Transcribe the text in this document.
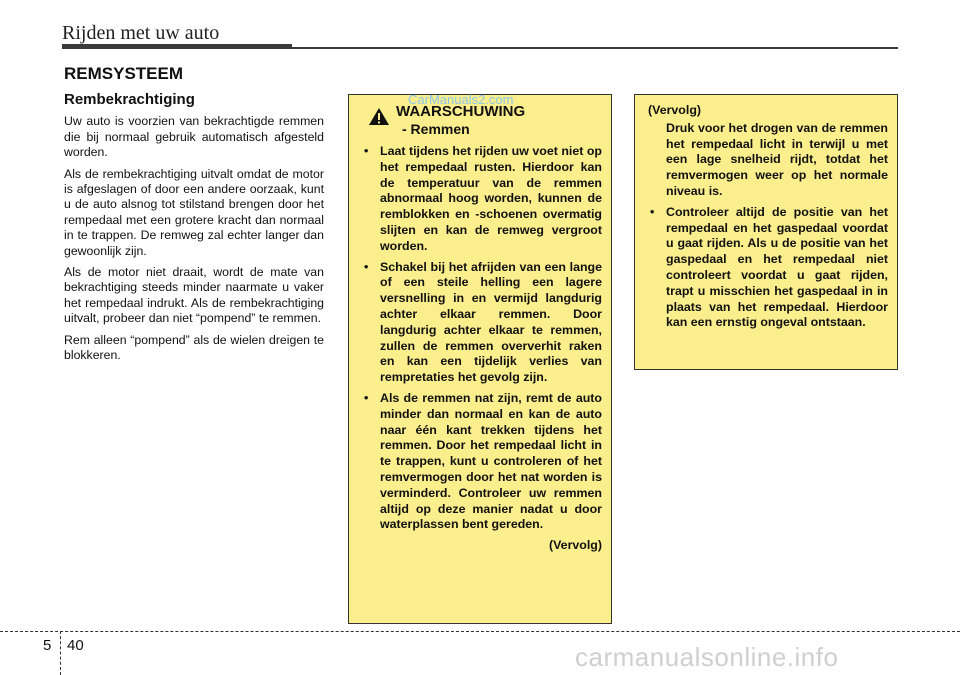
Rijden met uw auto
REMSYSTEEM
Rembekrachtiging

Uw auto is voorzien van bekrachtigde remmen die bij normaal gebruik automatisch afgesteld worden.

Als de rembekrachtiging uitvalt omdat de motor is afgeslagen of door een andere oorzaak, kunt u de auto alsnog tot stilstand brengen door het rempedaal met een grotere kracht dan normaal in te trappen. De remweg zal echter langer dan gewoonlijk zijn.

Als de motor niet draait, wordt de mate van bekrachtiging steeds minder naarmate u vaker het rempedaal indrukt. Als de rembekrachtiging uitvalt, probeer dan niet “pompend” te remmen.

Rem alleen “pompend” als de wielen dreigen te blokkeren.

WAARSCHUWING
- Remmen
• Laat tijdens het rijden uw voet niet op het rempedaal rusten. Hierdoor kan de temperatuur van de remmen abnormaal hoog worden, kunnen de remblokken en -schoenen overmatig slijten en kan de remweg vergroot worden.
• Schakel bij het afrijden van een lange of een steile helling een lagere versnelling in en vermijd langdurig achter elkaar remmen. Door langdurig achter elkaar te remmen, zullen de remmen oververhit raken en kan een tijdelijk verlies van rempretaties het gevolg zijn.
• Als de remmen nat zijn, remt de auto minder dan normaal en kan de auto naar één kant trekken tijdens het remmen. Door het rempedaal licht in te trappen, kunt u controleren of het remvermogen door het nat worden is verminderd. Controleer uw remmen altijd op deze manier nadat u door waterplassen bent gereden.
(Vervolg)
(Vervolg)
Druk voor het drogen van de remmen het rempedaal licht in terwijl u met een lage snelheid rijdt, totdat het remvermogen weer op het normale niveau is.
• Controleer altijd de positie van het rempedaal en het gaspedaal voordat u gaat rijden. Als u de positie van het gaspedaal en het rempedaal niet controleert voordat u gaat rijden, trapt u misschien het gaspedaal in in plaats van het rempedaal. Hierdoor kan een ernstig ongeval ontstaan.
CarManuals2.com
5 40	carmanualsonline.info
